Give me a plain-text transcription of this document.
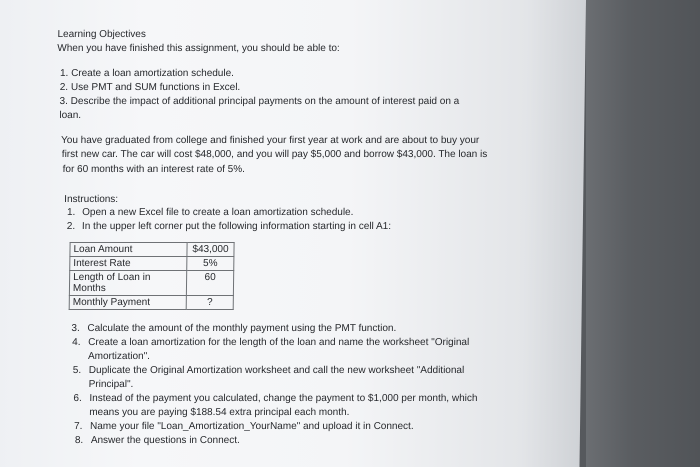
Learning Objectives
When you have finished this assignment, you should be able to:
1. Create a loan amortization schedule.
2. Use PMT and SUM functions in Excel.
3. Describe the impact of additional principal payments on the amount of interest paid on a
loan.
You have graduated from college and finished your first year at work and are about to buy your
first new car. The car will cost $48,000, and you will pay $5,000 and borrow $43,000. The loan is
for 60 months with an interest rate of 5%.
Instructions:
1. Open a new Excel file to create a loan amortization schedule.
2. In the upper left corner put the following information starting in cell A1:
Loan Amount	$43,000
Interest Rate	5%
Length of Loan in Months	60
Monthly Payment	?
3. Calculate the amount of the monthly payment using the PMT function.
4. Create a loan amortization for the length of the loan and name the worksheet "Original
Amortization".
5. Duplicate the Original Amortization worksheet and call the new worksheet "Additional
Principal".
6. Instead of the payment you calculated, change the payment to $1,000 per month, which
means you are paying $188.54 extra principal each month.
7. Name your file "Loan_Amortization_YourName" and upload it in Connect.
8. Answer the questions in Connect.
